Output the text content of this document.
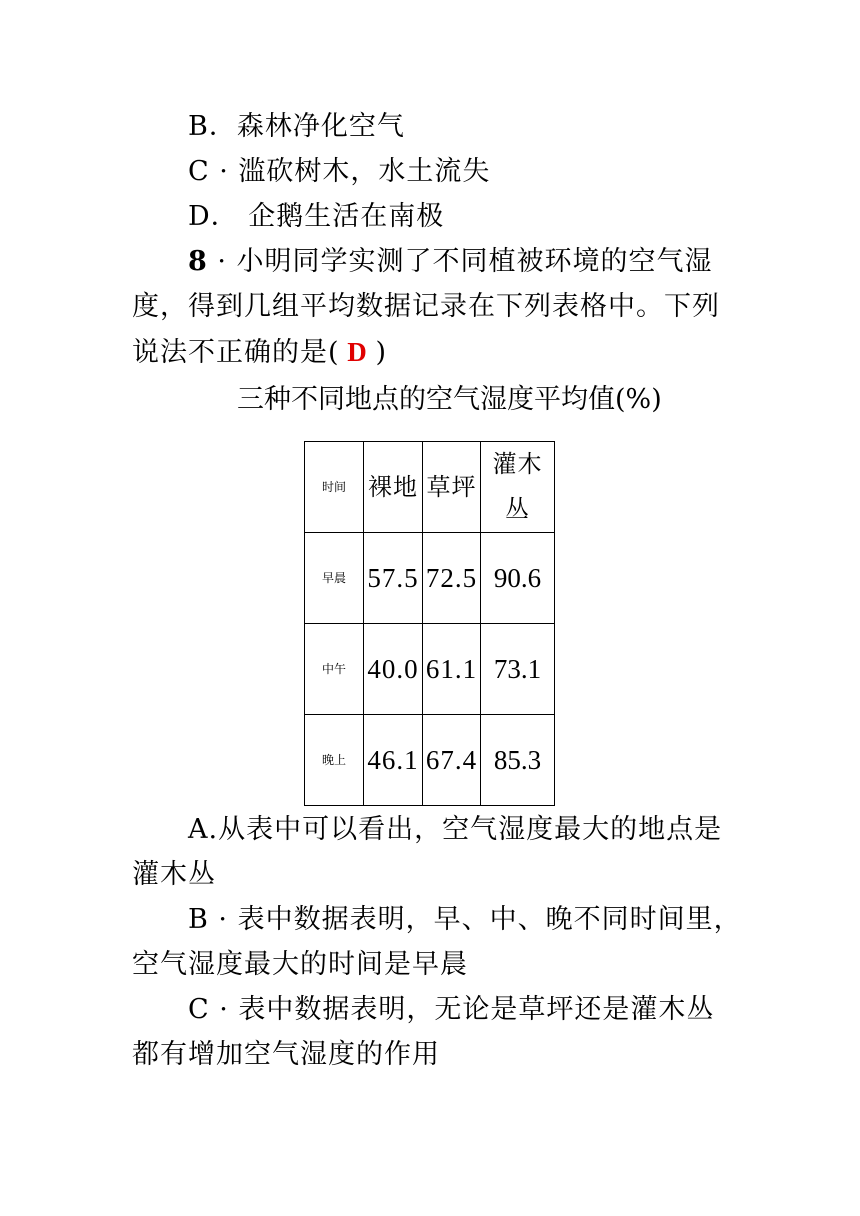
B．森林净化空气
C · 滥砍树木，水土流失
D． 企鹅生活在南极
8 · 小明同学实测了不同植被环境的空气湿
度，得到几组平均数据记录在下列表格中。下列
说法不正确的是( D )
三种不同地点的空气湿度平均值(%)
时间	裸地	草坪	灌木丛
早晨	57.5	72.5	90.6
中午	40.0	61.1	73.1
晚上	46.1	67.4	85.3
A.从表中可以看出，空气湿度最大的地点是
灌木丛
B · 表中数据表明，早、中、晚不同时间里，
空气湿度最大的时间是早晨
C · 表中数据表明，无论是草坪还是灌木丛
都有增加空气湿度的作用
